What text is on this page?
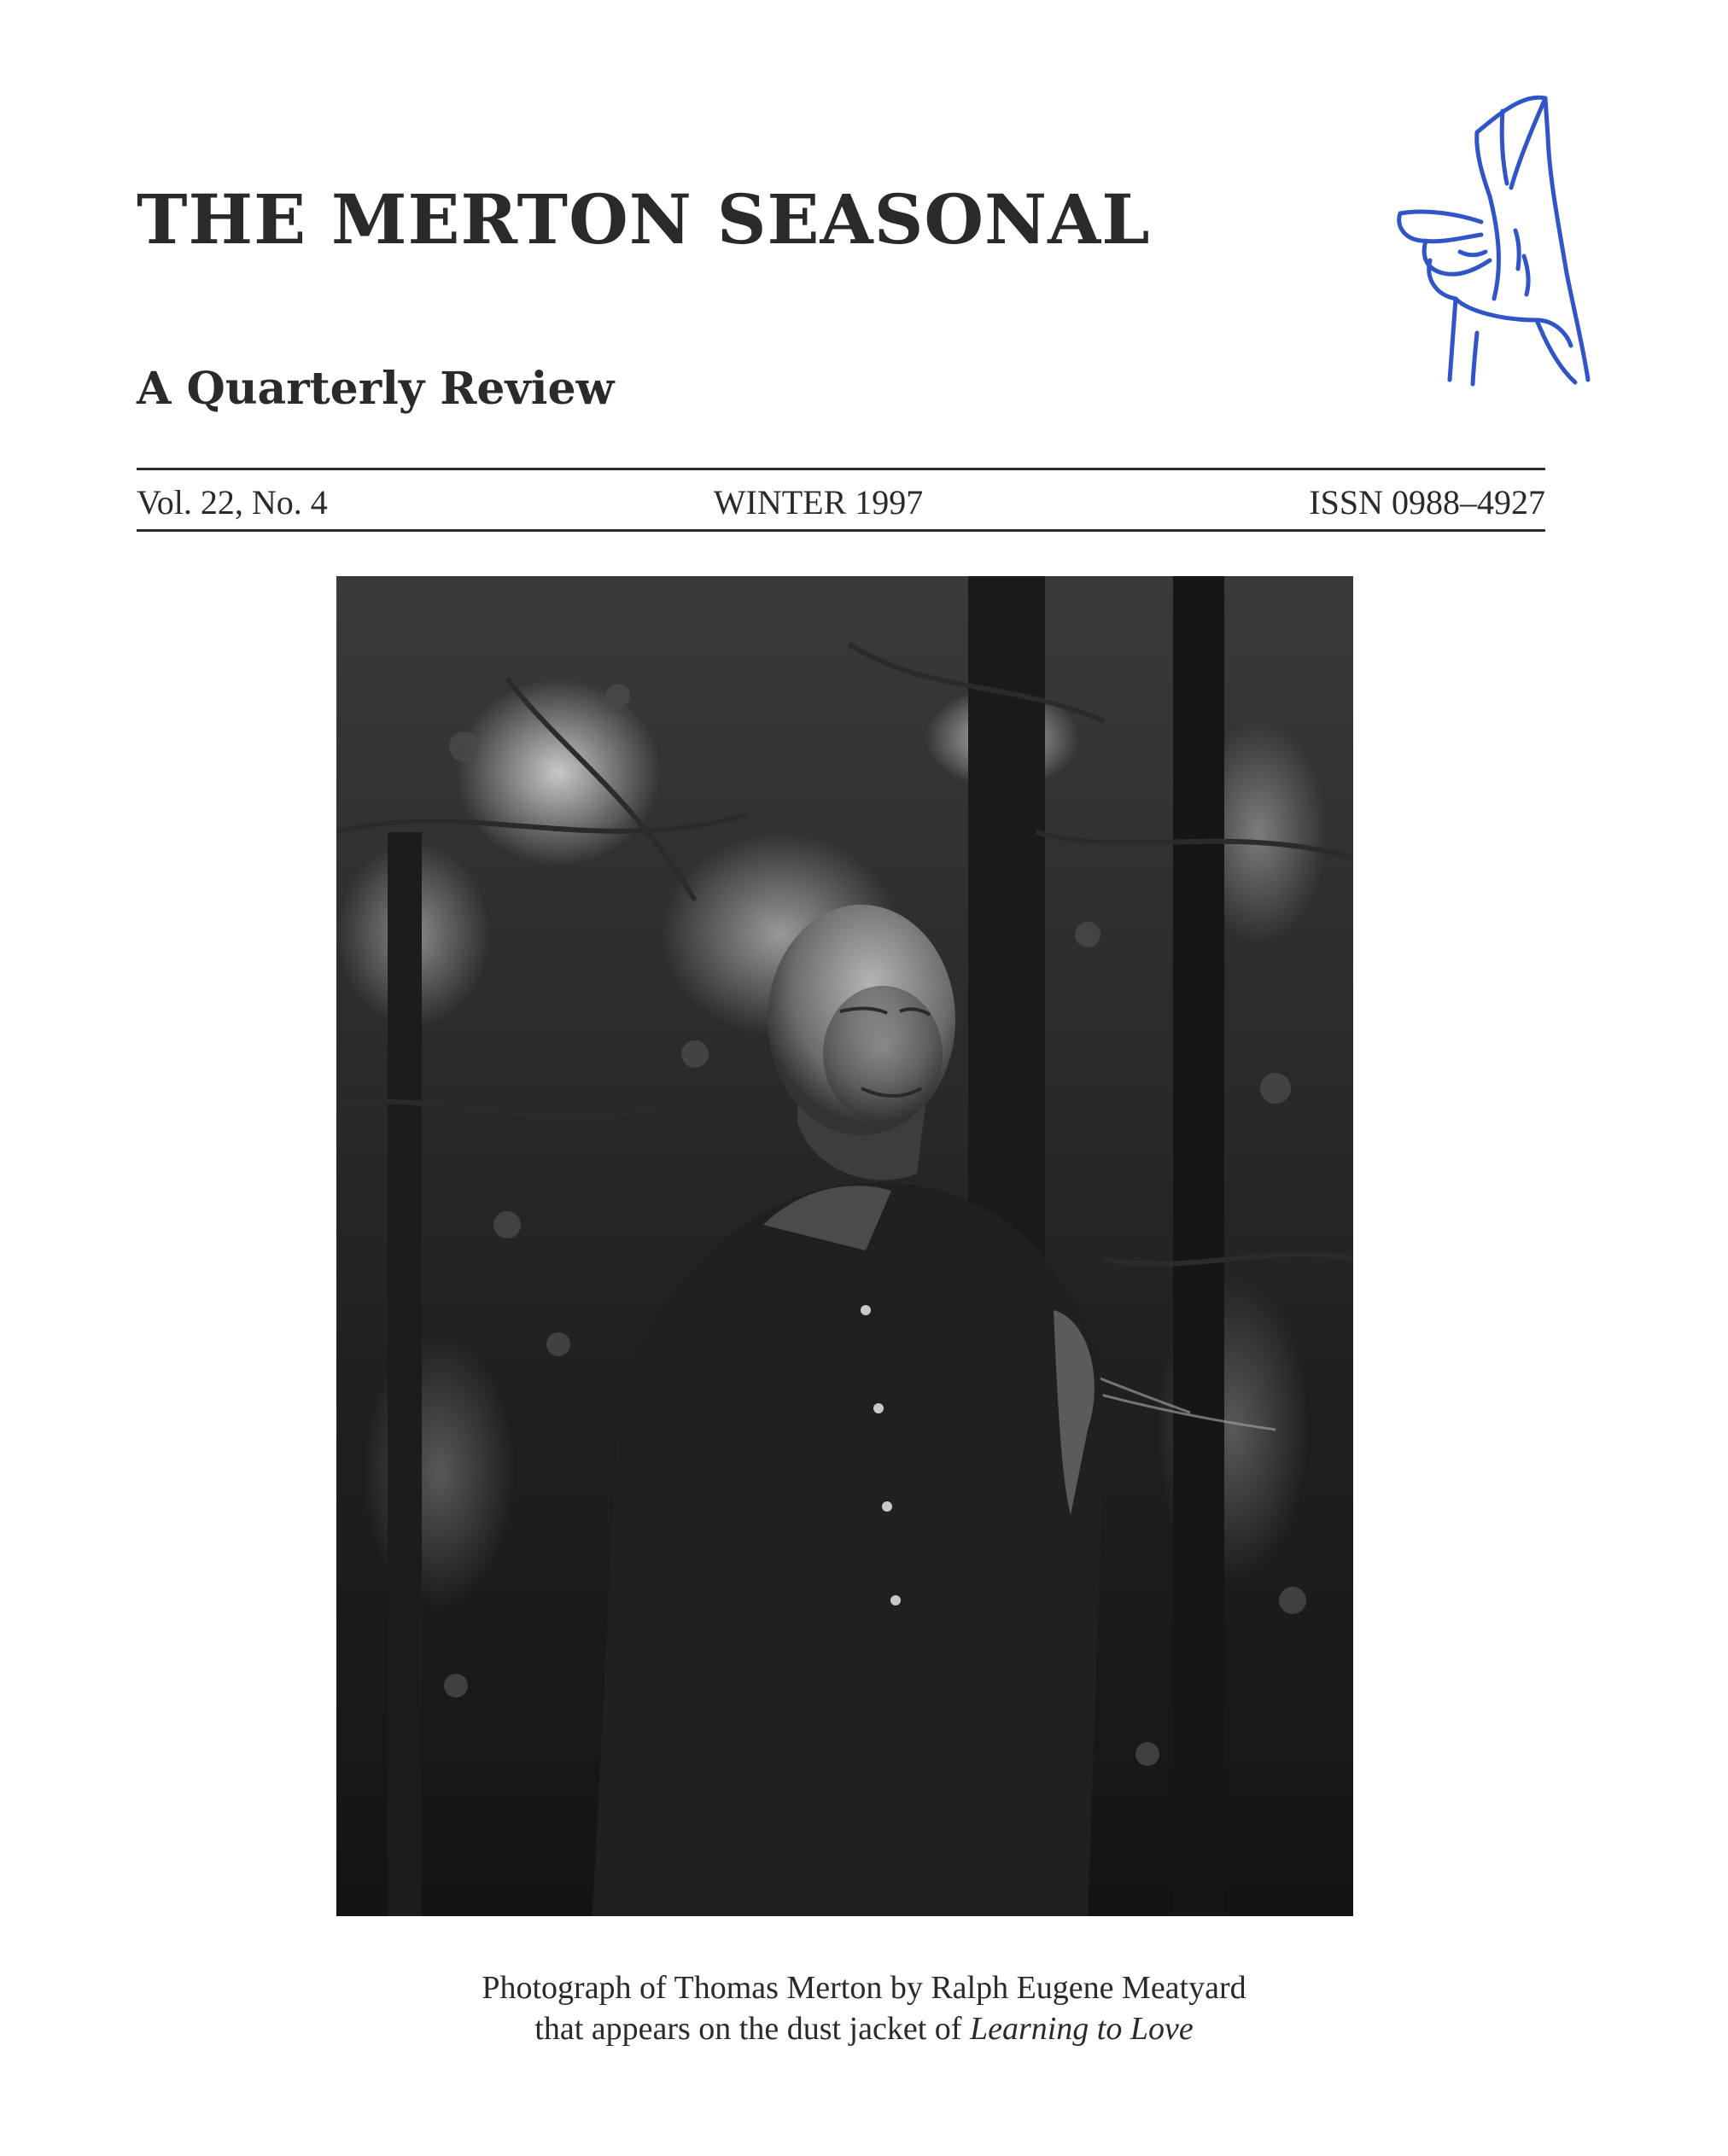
THE MERTON SEASONAL
A Quarterly Review
Vol. 22, No. 4	WINTER 1997	ISSN 0988–4927
Photograph of Thomas Merton by Ralph Eugene Meatyard
that appears on the dust jacket of Learning to Love
